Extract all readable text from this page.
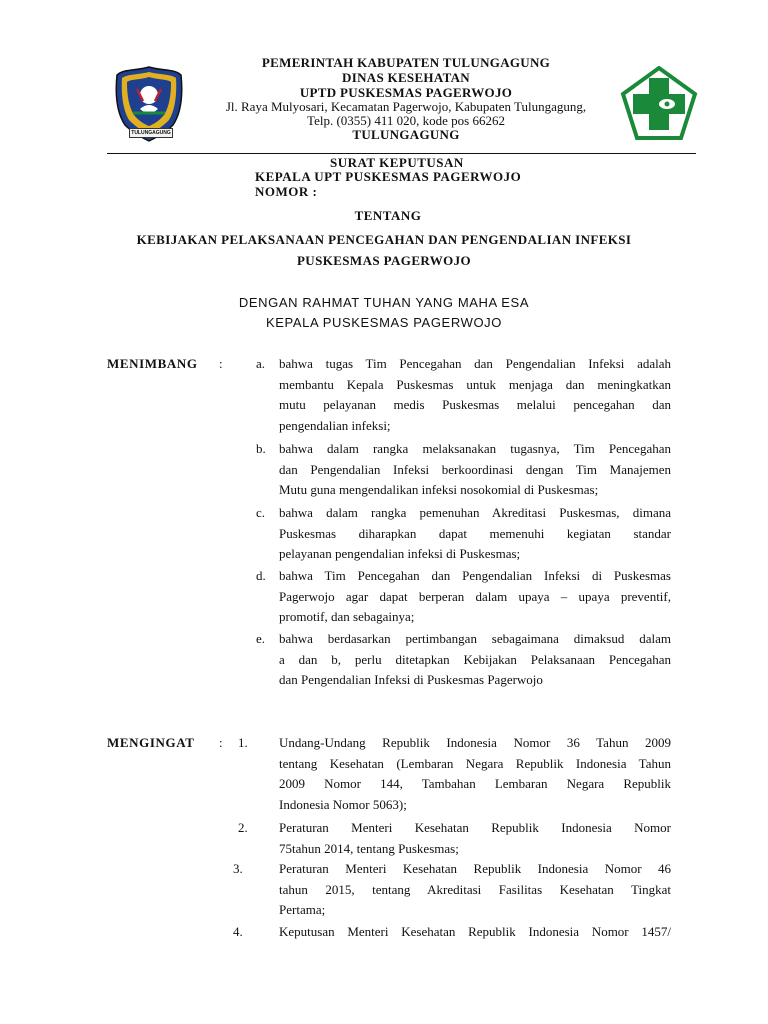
TULUNGAGUNG
PEMERINTAH KABUPATEN TULUNGAGUNG
DINAS KESEHATAN
UPTD PUSKESMAS PAGERWOJO
Jl. Raya Mulyosari, Kecamatan Pagerwojo, Kabupaten Tulungagung,
Telp. (0355) 411 020, kode pos 66262
TULUNGAGUNG
SURAT KEPUTUSAN
KEPALA UPT PUSKESMAS PAGERWOJO
NOMOR :
TENTANG
KEBIJAKAN PELAKSANAAN PENCEGAHAN DAN PENGENDALIAN INFEKSI
PUSKESMAS PAGERWOJO
DENGAN RAHMAT TUHAN YANG MAHA ESA
KEPALA PUSKESMAS PAGERWOJO
MENIMBANG :	a. bahwa tugas Tim Pencegahan dan Pengendalian Infeksi adalah
membantu Kepala Puskesmas untuk menjaga dan meningkatkan
mutu pelayanan medis Puskesmas melalui pencegahan dan
pengendalian infeksi;
b. bahwa dalam rangka melaksanakan tugasnya, Tim Pencegahan
dan Pengendalian Infeksi berkoordinasi dengan Tim Manajemen
Mutu guna mengendalikan infeksi nosokomial di Puskesmas;
c. bahwa dalam rangka pemenuhan Akreditasi Puskesmas, dimana
Puskesmas diharapkan dapat memenuhi kegiatan standar
pelayanan pengendalian infeksi di Puskesmas;
d. bahwa Tim Pencegahan dan Pengendalian Infeksi di Puskesmas
Pagerwojo agar dapat berperan dalam upaya – upaya preventif,
promotif, dan sebagainya;
e. bahwa berdasarkan pertimbangan sebagaimana dimaksud dalam
a dan b, perlu ditetapkan Kebijakan Pelaksanaan Pencegahan
dan Pengendalian Infeksi di Puskesmas Pagerwojo
MENGINGAT : 1. Undang-Undang Republik Indonesia Nomor 36 Tahun 2009
tentang Kesehatan (Lembaran Negara Republik Indonesia Tahun
2009 Nomor 144, Tambahan Lembaran Negara Republik
Indonesia Nomor 5063);
2. Peraturan Menteri Kesehatan Republik Indonesia Nomor
75tahun 2014, tentang Puskesmas;
3.	Peraturan Menteri Kesehatan Republik Indonesia Nomor 46
tahun 2015, tentang Akreditasi Fasilitas Kesehatan Tingkat
Pertama;
4.	Keputusan Menteri Kesehatan Republik Indonesia Nomor 1457/
